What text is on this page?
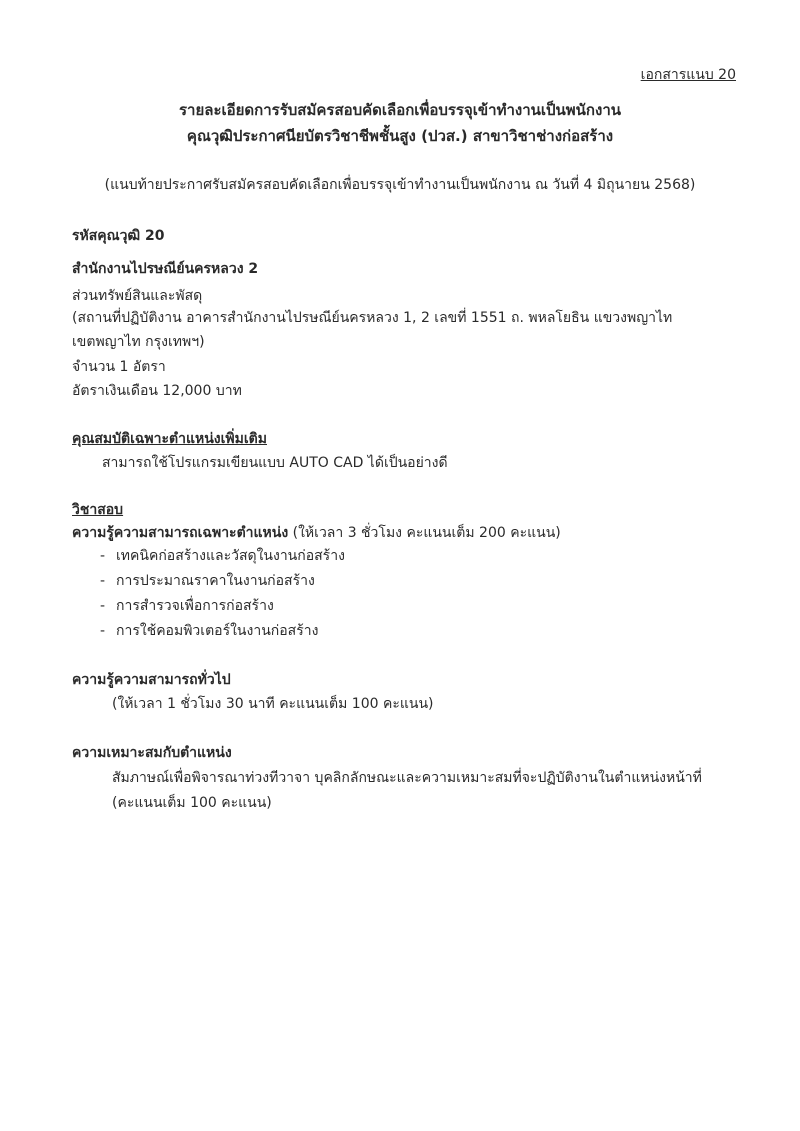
เอกสารแนบ 20
รายละเอียดการรับสมัครสอบคัดเลือกเพื่อบรรจุเข้าทำงานเป็นพนักงาน
คุณวุฒิประกาศนียบัตรวิชาชีพชั้นสูง (ปวส.) สาขาวิชาช่างก่อสร้าง
(แนบท้ายประกาศรับสมัครสอบคัดเลือกเพื่อบรรจุเข้าทำงานเป็นพนักงาน ณ วันที่ 4 มิถุนายน 2568)
รหัสคุณวุฒิ 20
สำนักงานไปรษณีย์นครหลวง 2
ส่วนทรัพย์สินและพัสดุ
(สถานที่ปฏิบัติงาน อาคารสำนักงานไปรษณีย์นครหลวง 1, 2 เลขที่ 1551 ถ. พหลโยธิน แขวงพญาไท
เขตพญาไท กรุงเทพฯ)
จำนวน 1 อัตรา
อัตราเงินเดือน 12,000 บาท
คุณสมบัติเฉพาะตำแหน่งเพิ่มเติม
สามารถใช้โปรแกรมเขียนแบบ AUTO CAD ได้เป็นอย่างดี
วิชาสอบ
ความรู้ความสามารถเฉพาะตำแหน่ง (ให้เวลา 3 ชั่วโมง คะแนนเต็ม 200 คะแนน)
- เทคนิคก่อสร้างและวัสดุในงานก่อสร้าง
- การประมาณราคาในงานก่อสร้าง
- การสำรวจเพื่อการก่อสร้าง
- การใช้คอมพิวเตอร์ในงานก่อสร้าง
ความรู้ความสามารถทั่วไป
(ให้เวลา 1 ชั่วโมง 30 นาที คะแนนเต็ม 100 คะแนน)
ความเหมาะสมกับตำแหน่ง
สัมภาษณ์เพื่อพิจารณาท่วงทีวาจา บุคลิกลักษณะและความเหมาะสมที่จะปฏิบัติงานในตำแหน่งหน้าที่
(คะแนนเต็ม 100 คะแนน)
